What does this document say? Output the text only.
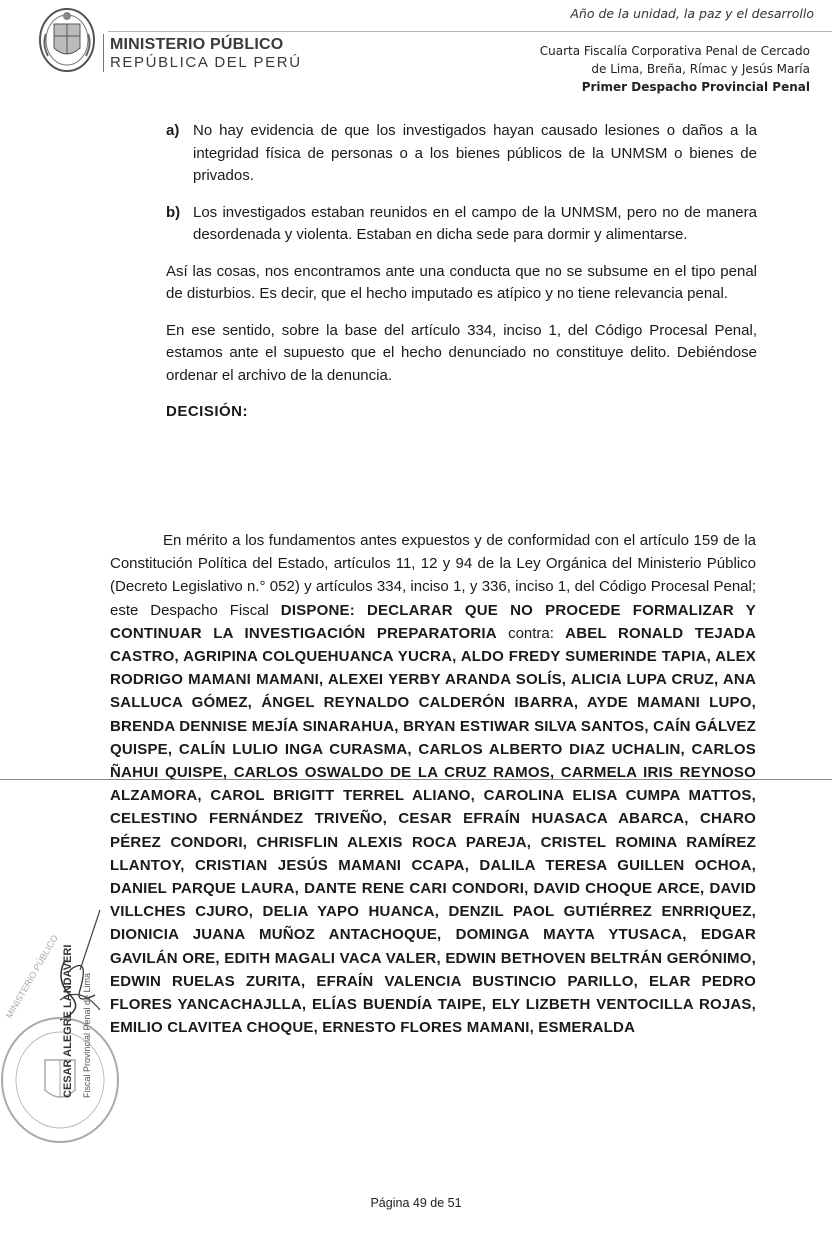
Año de la unidad, la paz y el desarrollo
MINISTERIO PÚBLICO
REPÚBLICA DEL PERÚ
Cuarta Fiscalía Corporativa Penal de Cercado
de Lima, Breña, Rímac y Jesús María
Primer Despacho Provincial Penal
a) No hay evidencia de que los investigados hayan causado lesiones o daños a la integridad física de personas o a los bienes públicos de la UNMSM o bienes de privados.
b) Los investigados estaban reunidos en el campo de la UNMSM, pero no de manera desordenada y violenta. Estaban en dicha sede para dormir y alimentarse.

Así las cosas, nos encontramos ante una conducta que no se subsume en el tipo penal de disturbios. Es decir, que el hecho imputado es atípico y no tiene relevancia penal.

En ese sentido, sobre la base del artículo 334, inciso 1, del Código Procesal Penal, estamos ante el supuesto que el hecho denunciado no constituye delito. Debiéndose ordenar el archivo de la denuncia.

DECISIÓN:
En mérito a los fundamentos antes expuestos y de conformidad con el artículo 159 de la Constitución Política del Estado, artículos 11, 12 y 94 de la Ley Orgánica del Ministerio Público (Decreto Legislativo n.° 052) y artículos 334, inciso 1, y 336, inciso 1, del Código Procesal Penal; este Despacho Fiscal DISPONE: DECLARAR QUE NO PROCEDE FORMALIZAR Y CONTINUAR LA INVESTIGACIÓN PREPARATORIA contra: ABEL RONALD TEJADA CASTRO, AGRIPINA COLQUEHUANCA YUCRA, ALDO FREDY SUMERINDE TAPIA, ALEX RODRIGO MAMANI MAMANI, ALEXEI YERBY ARANDA SOLÍS, ALICIA LUPA CRUZ, ANA SALLUCA GÓMEZ, ÁNGEL REYNALDO CALDERÓN IBARRA, AYDE MAMANI LUPO, BRENDA DENNISE MEJÍA SINARAHUA, BRYAN ESTIWAR SILVA SANTOS, CAÍN GÁLVEZ QUISPE, CALÍN LULIO INGA CURASMA, CARLOS ALBERTO DIAZ UCHALIN, CARLOS ÑAHUI QUISPE, CARLOS OSWALDO DE LA CRUZ RAMOS, CARMELA IRIS REYNOSO ALZAMORA, CAROL BRIGITT TERREL ALIANO, CAROLINA ELISA CUMPA MATTOS, CELESTINO FERNÁNDEZ TRIVEÑO, CESAR EFRAÍN HUASACA ABARCA, CHARO PÉREZ CONDORI, CHRISFLIN ALEXIS ROCA PAREJA, CRISTEL ROMINA RAMÍREZ LLANTOY, CRISTIAN JESÚS MAMANI CCAPA, DALILA TERESA GUILLEN OCHOA, DANIEL PARQUE LAURA, DANTE RENE CARI CONDORI, DAVID CHOQUE ARCE, DAVID VILLCHES CJURO, DELIA YAPO HUANCA, DENZIL PAOL GUTIÉRREZ ENRRIQUEZ, DIONICIA JUANA MUÑOZ ANTACHOQUE, DOMINGA MAYTA YTUSACA, EDGAR GAVILÁN ORE, EDITH MAGALI VACA VALER, EDWIN BETHOVEN BELTRÁN GERÓNIMO, EDWIN RUELAS ZURITA, EFRAÍN VALENCIA BUSTINCIO PARILLO, ELAR PEDRO FLORES YANCACHAJLLA, ELÍAS BUENDÍA TAIPE, ELY LIZBETH VENTOCILLA ROJAS, EMILIO CLAVITEA CHOQUE, ERNESTO FLORES MAMANI, ESMERALDA
CESAR ALEGRE LANDAVERI Fiscal Provincial Penal de Lima
MINISTERIO PÚBLICO
Página 49 de 51
